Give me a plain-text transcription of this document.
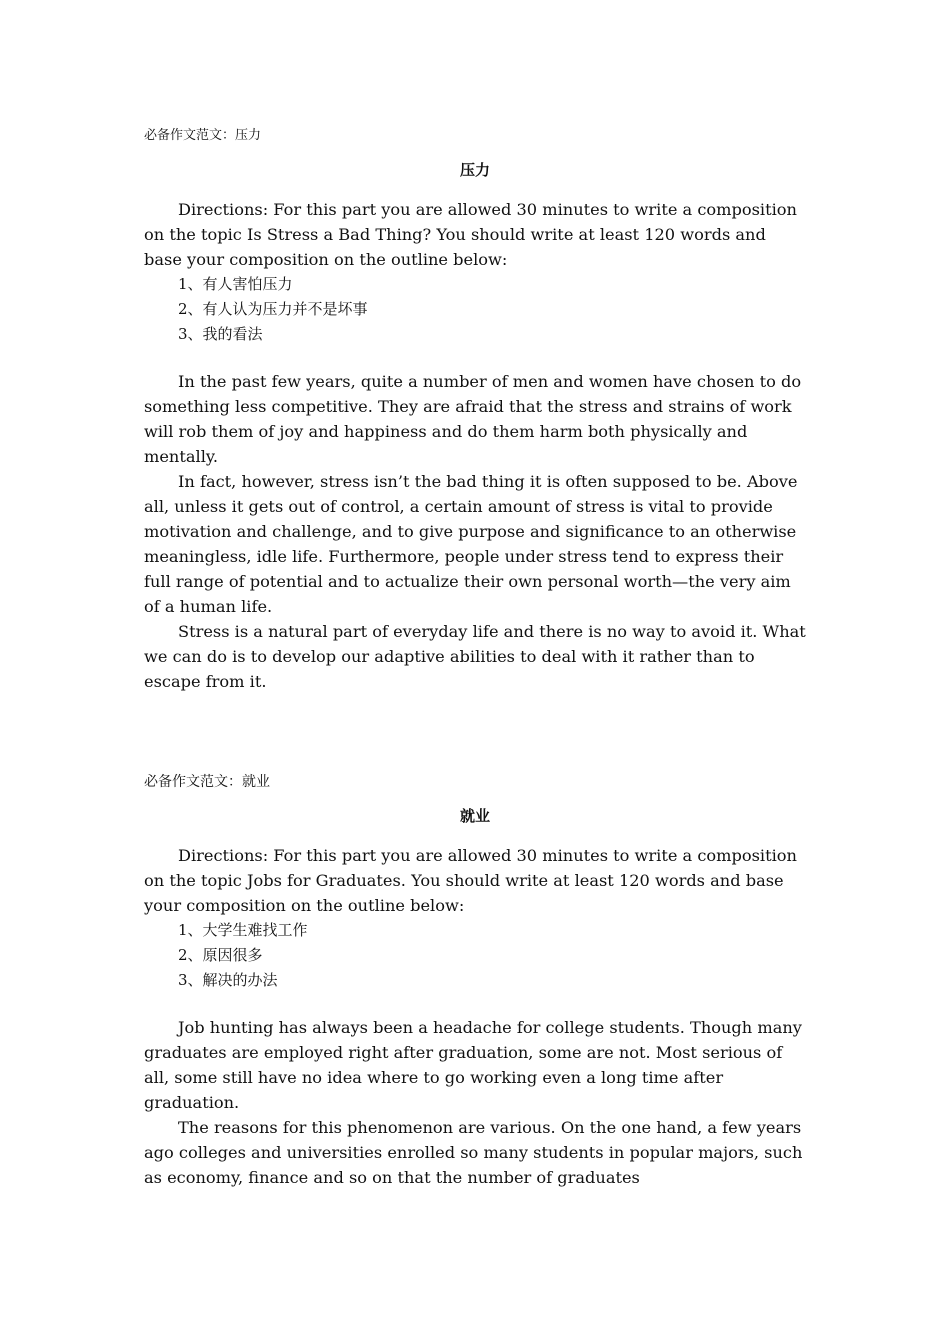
必备作文范文：压力

压力

Directions: For this part you are allowed 30 minutes to write a composition on the topic Is Stress a Bad Thing? You should write at least 120 words and base your composition on the outline below:

1、有人害怕压力
2、有人认为压力并不是坏事
3、我的看法

In the past few years, quite a number of men and women have chosen to do something less competitive. They are afraid that the stress and strains of work will rob them of joy and happiness and do them harm both physically and mentally.

In fact, however, stress isn’t the bad thing it is often supposed to be. Above all, unless it gets out of control, a certain amount of stress is vital to provide motivation and challenge, and to give purpose and significance to an otherwise meaningless, idle life. Furthermore, people under stress tend to express their full range of potential and to actualize their own personal worth—the very aim of a human life.

Stress is a natural part of everyday life and there is no way to avoid it. What we can do is to develop our adaptive abilities to deal with it rather than to escape from it.

必备作文范文：就业

就业

Directions: For this part you are allowed 30 minutes to write a composition on the topic Jobs for Graduates. You should write at least 120 words and base your composition on the outline below:

1、大学生难找工作
2、原因很多
3、解决的办法

Job hunting has always been a headache for college students. Though many graduates are employed right after graduation, some are not. Most serious of all, some still have no idea where to go working even a long time after graduation.

The reasons for this phenomenon are various. On the one hand, a few years ago colleges and universities enrolled so many students in popular majors, such as economy, finance and so on that the number of graduates
